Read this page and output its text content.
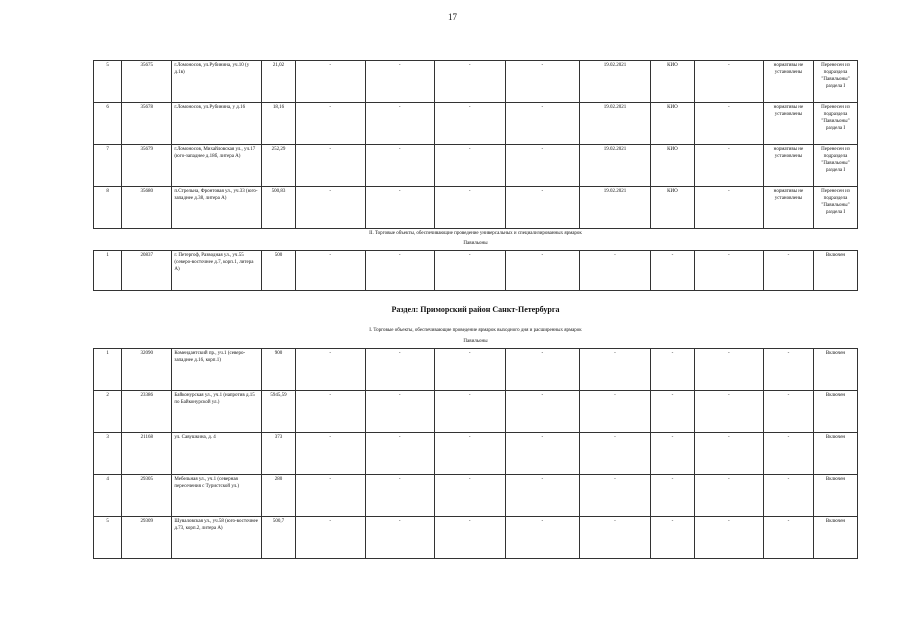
17
5	35675	г.Ломоносов, ул.Рубинина, уч.10 (у д.1в)	21,02	-	-	-	-	19.02.2021	КИО	-	нормативы не установлены	Перенесен из подраздела "Павильоны" раздела I
6	35678	г.Ломоносов, ул.Рубинина, у д.16	18,16	-	-	-	-	19.02.2021	КИО	-	нормативы не установлены	Перенесен из подраздела "Павильоны" раздела I
7	35679	г.Ломоносов, Михайловская ул., уч.17 (юго-западнее д.18б, литера А)	252,29	-	-	-	-	19.02.2021	КИО	-	нормативы не установлены	Перенесен из подраздела "Павильоны" раздела I
8	35680	п.Стрельна, Фронтовая ул., уч.33 (юго-западнее д.38, литера А)	500,83	-	-	-	-	19.02.2021	КИО	-	нормативы не установлены	Перенесен из подраздела "Павильоны" раздела I
II. Торговые объекты, обеспечивающие проведение универсальных и специализированных ярмарок
Павильоны
1	20837	г. Петергоф, Разводная ул., уч.55 (северо-восточнее д.7, корп.1, литера А)	500	-	-	-	-	-	-	-	-	Включен
Раздел: Приморский район Санкт-Петербурга
I. Торговые объекты, обеспечивающие проведение ярмарок выходного дня и расширенных ярмарок
Павильоны
1	32090	Комендантский пр., уч.1 (северо-западнее д.16, корп.1)	900	-	-	-	-	-	-	-	-	Включен
2	23386	Байконурская ул., уч.1 (напротив д.15 по Байконурской ул.)	5945,59	-	-	-	-	-	-	-	-	Включен
3	21168	ул. Савушкина, д. 4	373	-	-	-	-	-	-	-	-	Включен
4	29305	Мебельная ул., уч.1 (северная пересечения с Туристской ул.)	280	-	-	-	-	-	-	-	-	Включен
5	29309	Шуваловская ул., уч.58 (юго-восточнее д.73, корп.2, литера А)	500,7	-	-	-	-	-	-	-	-	Включен
